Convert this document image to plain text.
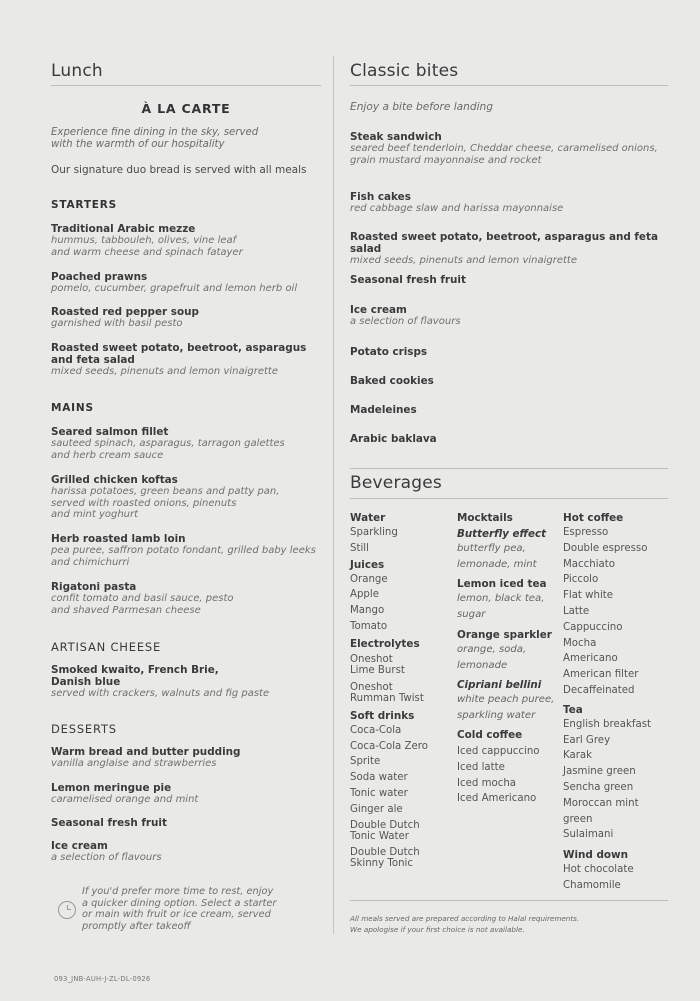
Lunch
À LA CARTE
Experience fine dining in the sky, served
with the warmth of our hospitality
Our signature duo bread is served with all meals
STARTERS
Traditional Arabic mezze
hummus, tabbouleh, olives, vine leaf
and warm cheese and spinach fatayer
Poached prawns
pomelo, cucumber, grapefruit and lemon herb oil
Roasted red pepper soup
garnished with basil pesto
Roasted sweet potato, beetroot, asparagus
and feta salad
mixed seeds, pinenuts and lemon vinaigrette
MAINS
Seared salmon fillet
sauteed spinach, asparagus, tarragon galettes
and herb cream sauce
Grilled chicken koftas
harissa potatoes, green beans and patty pan,
served with roasted onions, pinenuts
and mint yoghurt
Herb roasted lamb loin
pea puree, saffron potato fondant, grilled baby leeks
and chimichurri
Rigatoni pasta
confit tomato and basil sauce, pesto
and shaved Parmesan cheese
ARTISAN CHEESE
Smoked kwaito, French Brie,
Danish blue
served with crackers, walnuts and fig paste
DESSERTS
Warm bread and butter pudding
vanilla anglaise and strawberries
Lemon meringue pie
caramelised orange and mint
Seasonal fresh fruit
Ice cream
a selection of flavours
If you'd prefer more time to rest, enjoy
a quicker dining option. Select a starter
or main with fruit or ice cream, served
promptly after takeoff
093_JNB-AUH-J-ZL-DL-0926
Classic bites
Enjoy a bite before landing
Steak sandwich
seared beef tenderloin, Cheddar cheese, caramelised onions,
grain mustard mayonnaise and rocket
Fish cakes
red cabbage slaw and harissa mayonnaise
Roasted sweet potato, beetroot, asparagus and feta salad
mixed seeds, pinenuts and lemon vinaigrette
Seasonal fresh fruit
Ice cream
a selection of flavours
Potato crisps
Baked cookies
Madeleines
Arabic baklava
Beverages
Water
Sparkling
Still
Juices
Orange
Apple
Mango
Tomato
Electrolytes
Oneshot
Lime Burst
Oneshot
Rumman Twist
Soft drinks
Coca-Cola
Coca-Cola Zero
Sprite
Soda water
Tonic water
Ginger ale
Double Dutch
Tonic Water
Double Dutch
Skinny Tonic
Mocktails
Butterfly effect
butterfly pea,
lemonade, mint
Lemon iced tea
lemon, black tea,
sugar
Orange sparkler
orange, soda,
lemonade
Cipriani bellini
white peach puree,
sparkling water
Cold coffee
Iced cappuccino
Iced latte
Iced mocha
Iced Americano
Hot coffee
Espresso
Double espresso
Macchiato
Piccolo
Flat white
Latte
Cappuccino
Mocha
Americano
American filter
Decaffeinated
Tea
English breakfast
Earl Grey
Karak
Jasmine green
Sencha green
Moroccan mint green
Sulaimani
Wind down
Hot chocolate
Chamomile
All meals served are prepared according to Halal requirements.
We apologise if your first choice is not available.
